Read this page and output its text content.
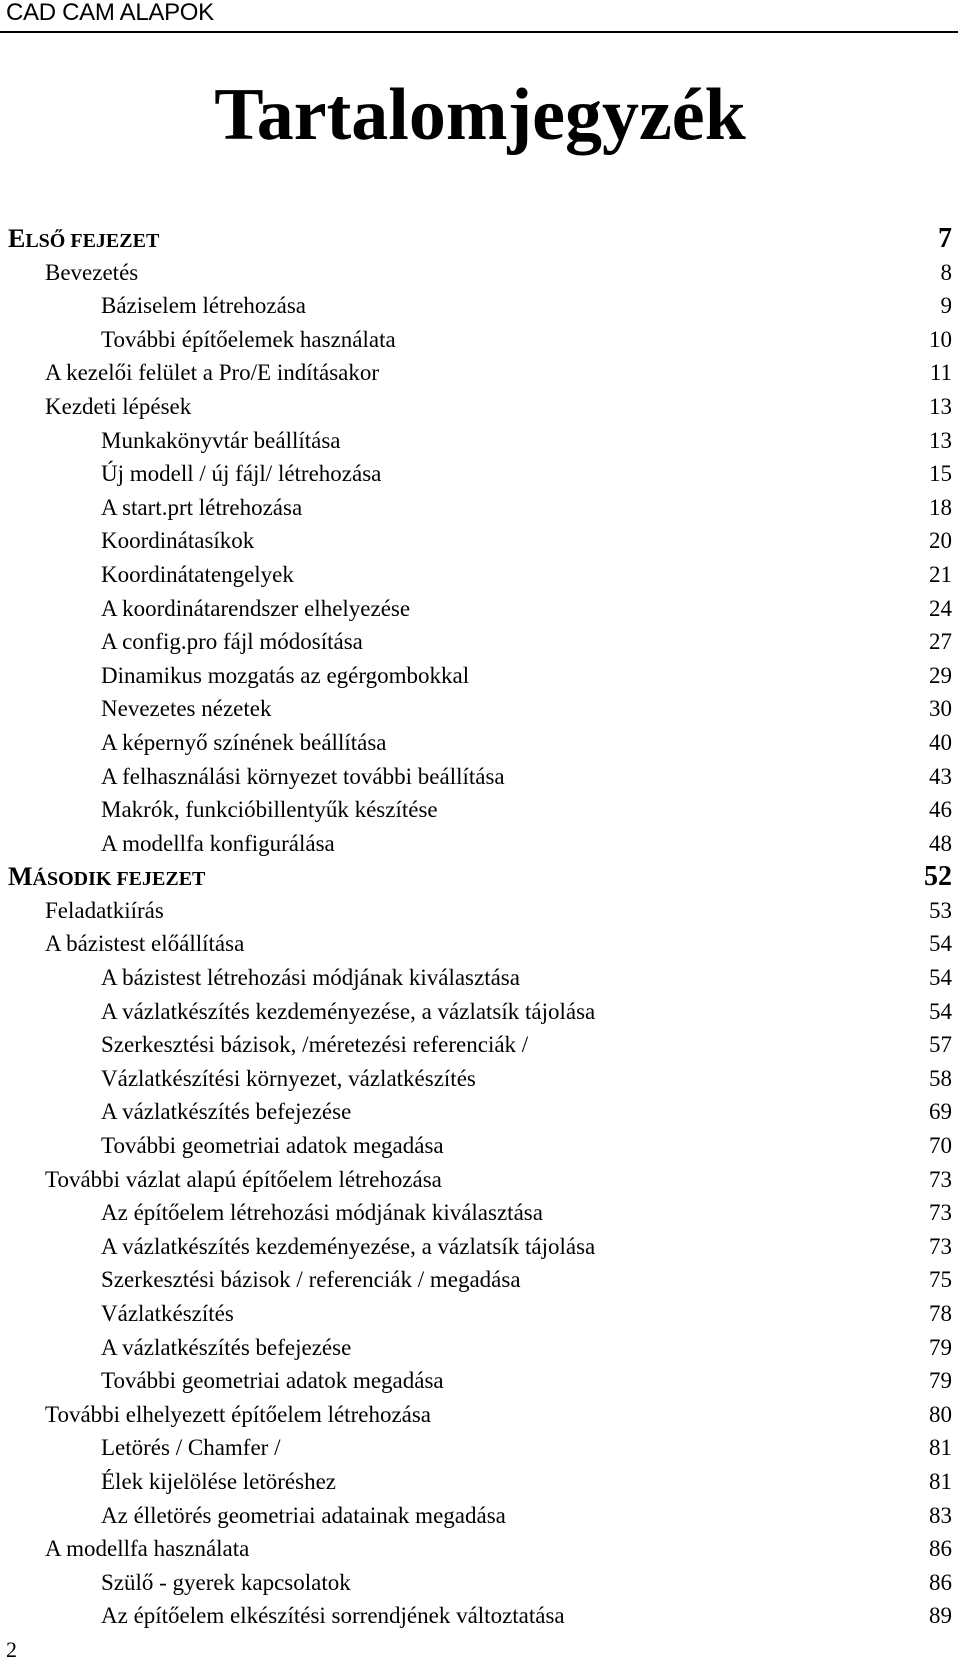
CAD CAM ALAPOK
Tartalomjegyzék
ELSŐ FEJEZET	7
Bevezetés	8
Báziselem létrehozása	9
További építőelemek használata	10
A kezelői felület a Pro/E indításakor	11
Kezdeti lépések	13
Munkakönyvtár beállítása	13
Új modell / új fájl/ létrehozása	15
A start.prt létrehozása	18
Koordinátasíkok	20
Koordinátatengelyek	21
A koordinátarendszer elhelyezése	24
A config.pro fájl módosítása	27
Dinamikus mozgatás az egérgombokkal	29
Nevezetes nézetek	30
A képernyő színének beállítása	40
A felhasználási környezet további beállítása	43
Makrók, funkcióbillentyűk készítése	46
A modellfa konfigurálása	48
MÁSODIK FEJEZET	52
Feladatkiírás	53
A bázistest előállítása	54
A bázistest létrehozási módjának kiválasztása	54
A vázlatkészítés kezdeményezése, a vázlatsík tájolása	54
Szerkesztési bázisok, /méretezési referenciák /	57
Vázlatkészítési környezet, vázlatkészítés	58
A vázlatkészítés befejezése	69
További geometriai adatok megadása	70
További vázlat alapú építőelem létrehozása	73
Az építőelem létrehozási módjának kiválasztása	73
A vázlatkészítés kezdeményezése, a vázlatsík tájolása	73
Szerkesztési bázisok / referenciák / megadása	75
Vázlatkészítés	78
A vázlatkészítés befejezése	79
További geometriai adatok megadása	79
További elhelyezett építőelem létrehozása	80
Letörés / Chamfer /	81
Élek kijelölése letöréshez	81
Az élletörés geometriai adatainak megadása	83
A modellfa használata	86
Szülő - gyerek kapcsolatok	86
Az építőelem elkészítési sorrendjének változtatása	89
2
